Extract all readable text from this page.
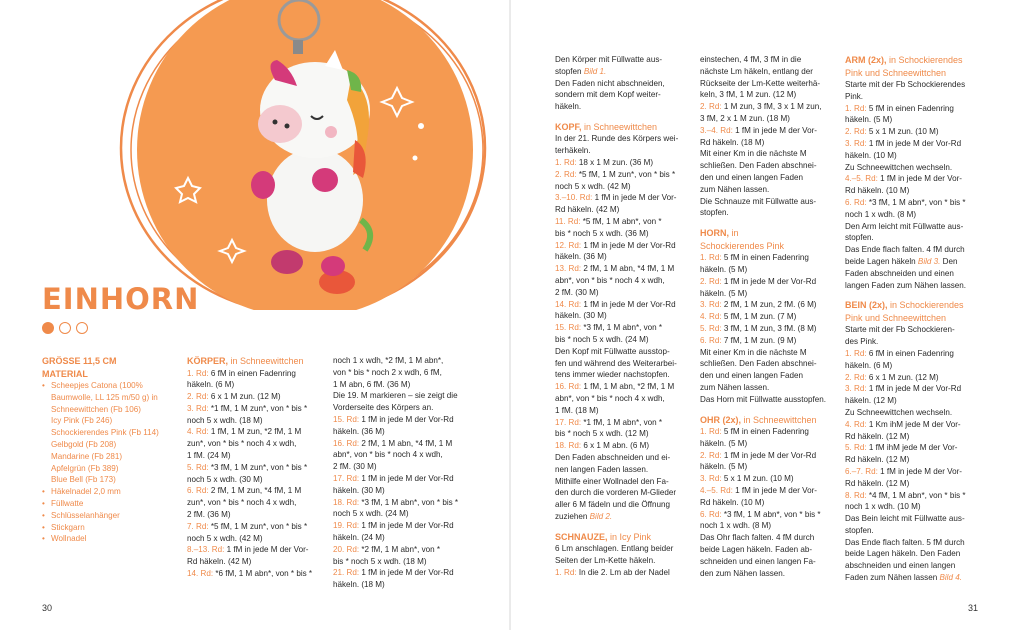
EINHORN
GRÖSSE 11,5 CM
MATERIAL
• Scheepjes Catona (100%
Baumwolle, LL 125 m/50 g) in
Schneewittchen (Fb 106)
Icy Pink (Fb 246)
Schockierendes Pink (Fb 114)
Gelbgold (Fb 208)
Mandarine (Fb 281)
Apfelgrün (Fb 389)
Blue Bell (Fb 173)
• Häkelnadel 2,0 mm
• Füllwatte
• Schlüsselanhänger
• Stickgarn
• Wollnadel
KÖRPER, in Schneewittchen
1. Rd: 6 fM in einen Fadenring
häkeln. (6 M)
2. Rd: 6 x 1 M zun. (12 M)
3. Rd: *1 fM, 1 M zun*, von * bis *
noch 5 x wdh. (18 M)
4. Rd: 1 fM, 1 M zun, *2 fM, 1 M
zun*, von * bis * noch 4 x wdh,
1 fM. (24 M)
5. Rd: *3 fM, 1 M zun*, von * bis *
noch 5 x wdh. (30 M)
6. Rd: 2 fM, 1 M zun, *4 fM, 1 M
zun*, von * bis * noch 4 x wdh,
2 fM. (36 M)
7. Rd: *5 fM, 1 M zun*, von * bis *
noch 5 x wdh. (42 M)
8.–13. Rd: 1 fM in jede M der Vor-
Rd häkeln. (42 M)
14. Rd: *6 fM, 1 M abn*, von * bis *
noch 1 x wdh, *2 fM, 1 M abn*,
von * bis * noch 2 x wdh, 6 fM,
1 M abn, 6 fM. (36 M)
Die 19. M markieren – sie zeigt die
Vorderseite des Körpers an.
15. Rd: 1 fM in jede M der Vor-Rd
häkeln. (36 M)
16. Rd: 2 fM, 1 M abn, *4 fM, 1 M
abn*, von * bis * noch 4 x wdh,
2 fM. (30 M)
17. Rd: 1 fM in jede M der Vor-Rd
häkeln. (30 M)
18. Rd: *3 fM, 1 M abn*, von * bis *
noch 5 x wdh. (24 M)
19. Rd: 1 fM in jede M der Vor-Rd
häkeln. (24 M)
20. Rd: *2 fM, 1 M abn*, von *
bis * noch 5 x wdh. (18 M)
21. Rd: 1 fM in jede M der Vor-Rd
häkeln. (18 M)
Den Körper mit Füllwatte aus-
stopfen Bild 1.
Den Faden nicht abschneiden,
sondern mit dem Kopf weiter-
häkeln.
KOPF, in Schneewittchen
In der 21. Runde des Körpers wei-
terhäkeln.
1. Rd: 18 x 1 M zun. (36 M)
2. Rd: *5 fM, 1 M zun*, von * bis *
noch 5 x wdh. (42 M)
3.–10. Rd: 1 fM in jede M der Vor-
Rd häkeln. (42 M)
11. Rd: *5 fM, 1 M abn*, von *
bis * noch 5 x wdh. (36 M)
12. Rd: 1 fM in jede M der Vor-Rd
häkeln. (36 M)
13. Rd: 2 fM, 1 M abn, *4 fM, 1 M
abn*, von * bis * noch 4 x wdh,
2 fM. (30 M)
14. Rd: 1 fM in jede M der Vor-Rd
häkeln. (30 M)
15. Rd: *3 fM, 1 M abn*, von *
bis * noch 5 x wdh. (24 M)
Den Kopf mit Füllwatte ausstop-
fen und während des Weiterarbei-
tens immer wieder nachstopfen.
16. Rd: 1 fM, 1 M abn, *2 fM, 1 M
abn*, von * bis * noch 4 x wdh,
1 fM. (18 M)
17. Rd: *1 fM, 1 M abn*, von *
bis * noch 5 x wdh. (12 M)
18. Rd: 6 x 1 M abn. (6 M)
Den Faden abschneiden und ei-
nen langen Faden lassen.
Mithilfe einer Wollnadel den Fa-
den durch die vorderen M-Glieder
aller 6 M fädeln und die Öffnung
zuziehen Bild 2.
SCHNAUZE, in Icy Pink
6 Lm anschlagen. Entlang beider
Seiten der Lm-Kette häkeln.
1. Rd: In die 2. Lm ab der Nadel
einstechen, 4 fM, 3 fM in die
nächste Lm häkeln, entlang der
Rückseite der Lm-Kette weiterhä-
keln, 3 fM, 1 M zun. (12 M)
2. Rd: 1 M zun, 3 fM, 3 x 1 M zun,
3 fM, 2 x 1 M zun. (18 M)
3.–4. Rd: 1 fM in jede M der Vor-
Rd häkeln. (18 M)
Mit einer Km in die nächste M
schließen. Den Faden abschnei-
den und einen langen Faden
zum Nähen lassen.
Die Schnauze mit Füllwatte aus-
stopfen.
HORN, in
Schockierendes Pink
1. Rd: 5 fM in einen Fadenring
häkeln. (5 M)
2. Rd: 1 fM in jede M der Vor-Rd
häkeln. (5 M)
3. Rd: 2 fM, 1 M zun, 2 fM. (6 M)
4. Rd: 5 fM, 1 M zun. (7 M)
5. Rd: 3 fM, 1 M zun, 3 fM. (8 M)
6. Rd: 7 fM, 1 M zun. (9 M)
Mit einer Km in die nächste M
schließen. Den Faden abschnei-
den und einen langen Faden
zum Nähen lassen.
Das Horn mit Füllwatte ausstopfen.
OHR (2x), in Schneewittchen
1. Rd: 5 fM in einen Fadenring
häkeln. (5 M)
2. Rd: 1 fM in jede M der Vor-Rd
häkeln. (5 M)
3. Rd: 5 x 1 M zun. (10 M)
4.–5. Rd: 1 fM in jede M der Vor-
Rd häkeln. (10 M)
6. Rd: *3 fM, 1 M abn*, von * bis *
noch 1 x wdh. (8 M)
Das Ohr flach falten. 4 fM durch
beide Lagen häkeln. Faden ab-
schneiden und einen langen Fa-
den zum Nähen lassen.
ARM (2x), in Schockierendes
Pink und Schneewittchen
Starte mit der Fb Schockierendes
Pink.
1. Rd: 5 fM in einen Fadenring
häkeln. (5 M)
2. Rd: 5 x 1 M zun. (10 M)
3. Rd: 1 fM in jede M der Vor-Rd
häkeln. (10 M)
Zu Schneewittchen wechseln.
4.–5. Rd: 1 fM in jede M der Vor-
Rd häkeln. (10 M)
6. Rd: *3 fM, 1 M abn*, von * bis *
noch 1 x wdh. (8 M)
Den Arm leicht mit Füllwatte aus-
stopfen.
Das Ende flach falten. 4 fM durch
beide Lagen häkeln Bild 3. Den
Faden abschneiden und einen
langen Faden zum Nähen lassen.
BEIN (2x), in Schockierendes
Pink und Schneewittchen
Starte mit der Fb Schockieren-
des Pink.
1. Rd: 6 fM in einen Fadenring
häkeln. (6 M)
2. Rd: 6 x 1 M zun. (12 M)
3. Rd: 1 fM in jede M der Vor-Rd
häkeln. (12 M)
Zu Schneewittchen wechseln.
4. Rd: 1 Km ihM jede M der Vor-
Rd häkeln. (12 M)
5. Rd: 1 fM ihM jede M der Vor-
Rd häkeln. (12 M)
6.–7. Rd: 1 fM in jede M der Vor-
Rd häkeln. (12 M)
8. Rd: *4 fM, 1 M abn*, von * bis *
noch 1 x wdh. (10 M)
Das Bein leicht mit Füllwatte aus-
stopfen.
Das Ende flach falten. 5 fM durch
beide Lagen häkeln. Den Faden
abschneiden und einen langen
Faden zum Nähen lassen Bild 4.
30	31
